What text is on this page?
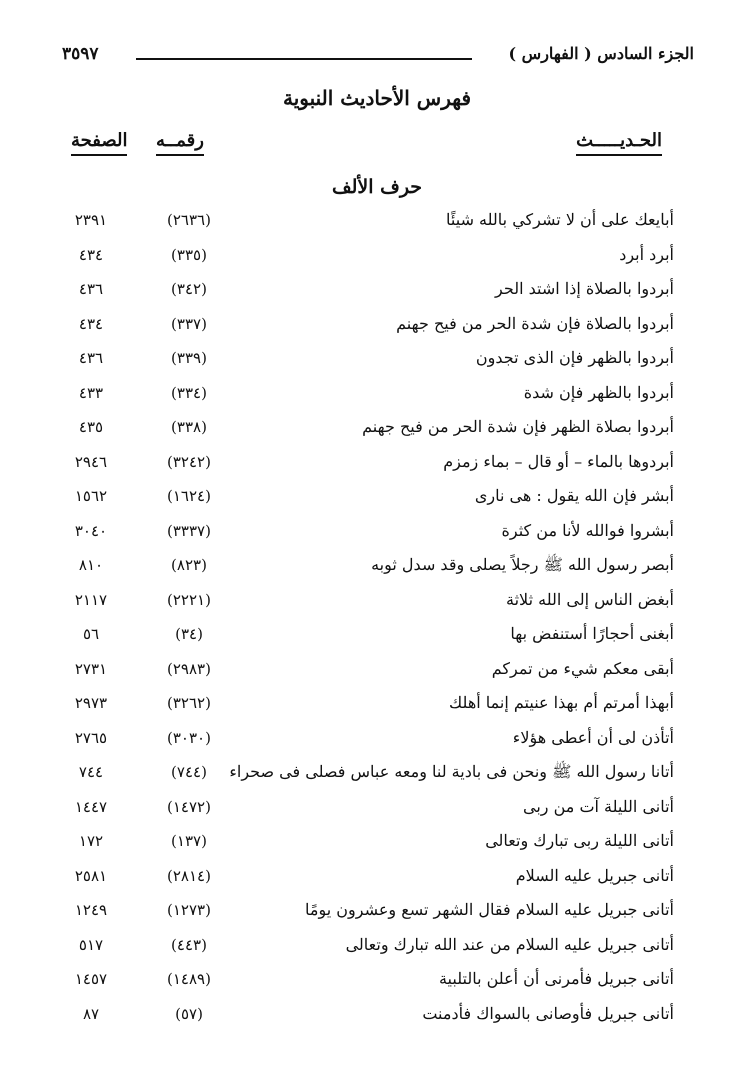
الجزء السادس ( الفهارس )
٣٥٩٧
فهرس الأحاديث النبوية
الحـديـــــث
رقمــه
الصفحة
حرف الألف
أبايعك على أن لا تشركي بالله شيئًا
(٢٦٣٦)
٢٣٩١
أبرد أبرد
(٣٣٥)
٤٣٤
أبردوا بالصلاة إذا اشتد الحر
(٣٤٢)
٤٣٦
أبردوا بالصلاة فإن شدة الحر من فيح جهنم
(٣٣٧)
٤٣٤
أبردوا بالظهر فإن الذى تجدون
(٣٣٩)
٤٣٦
أبردوا بالظهر فإن شدة
(٣٣٤)
٤٣٣
أبردوا بصلاة الظهر فإن شدة الحر من فيح جهنم
(٣٣٨)
٤٣٥
أبردوها بالماء – أو قال – بماء زمزم
(٣٢٤٢)
٢٩٤٦
أبشر فإن الله يقول : هى نارى
(١٦٢٤)
١٥٦٢
أبشروا فوالله لأنا من كثرة
(٣٣٣٧)
٣٠٤٠
أبصر رسول الله ﷺ رجلاً يصلى وقد سدل ثوبه
(٨٢٣)
٨١٠
أبغض الناس إلى الله ثلاثة
(٢٢٢١)
٢١١٧
أبغنى أحجارًا أستنفض بها
(٣٤)
٥٦
أبقى معكم شيء من تمركم
(٢٩٨٣)
٢٧٣١
أبهذا أمرتم أم بهذا عنيتم إنما أهلك
(٣٢٦٢)
٢٩٧٣
أتأذن لى أن أعطى هؤلاء
(٣٠٣٠)
٢٧٦٥
أتانا رسول الله ﷺ ونحن فى بادية لنا ومعه عباس فصلى فى صحراء
(٧٤٤)
٧٤٤
أتانى الليلة آت من ربى
(١٤٧٢)
١٤٤٧
أتانى الليلة ربى تبارك وتعالى
(١٣٧)
١٧٢
أتانى جبريل عليه السلام
(٢٨١٤)
٢٥٨١
أتانى جبريل عليه السلام فقال الشهر تسع وعشرون يومًا
(١٢٧٣)
١٢٤٩
أتانى جبريل عليه السلام من عند الله تبارك وتعالى
(٤٤٣)
٥١٧
أتانى جبريل فأمرنى أن أعلن بالتلبية
(١٤٨٩)
١٤٥٧
أتانى جبريل فأوصانى بالسواك فأدمنت
(٥٧)
٨٧
